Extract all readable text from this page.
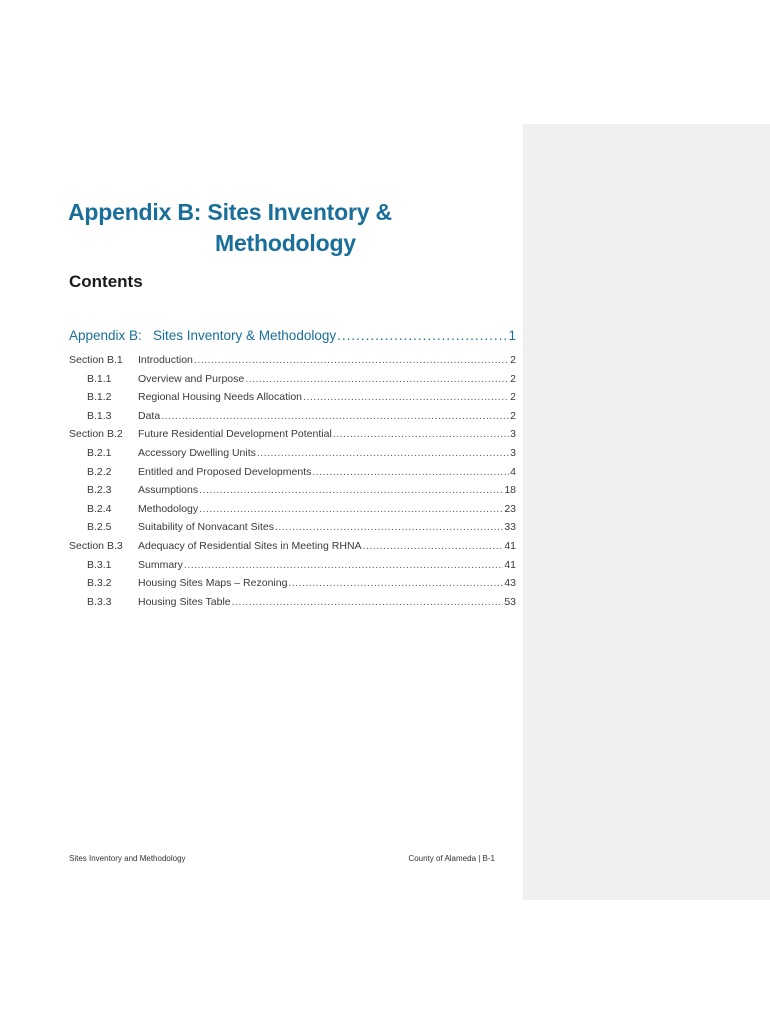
Appendix B: Sites Inventory &
Methodology
Contents
Appendix B: Sites Inventory & Methodology .....	1
Section B.1	Introduction .....	2
B.1.1	Overview and Purpose .....	2
B.1.2	Regional Housing Needs Allocation .....	2
B.1.3	Data .....	2
Section B.2	Future Residential Development Potential .....	3
B.2.1	Accessory Dwelling Units .....	3
B.2.2	Entitled and Proposed Developments .....	4
B.2.3	Assumptions .....	18
B.2.4	Methodology .....	23
B.2.5	Suitability of Nonvacant Sites .....	33
Section B.3	Adequacy of Residential Sites in Meeting RHNA .....	41
B.3.1	Summary .....	41
B.3.2	Housing Sites Maps – Rezoning .....	43
B.3.3	Housing Sites Table .....	53
Sites Inventory and Methodology	County of Alameda | B-1
